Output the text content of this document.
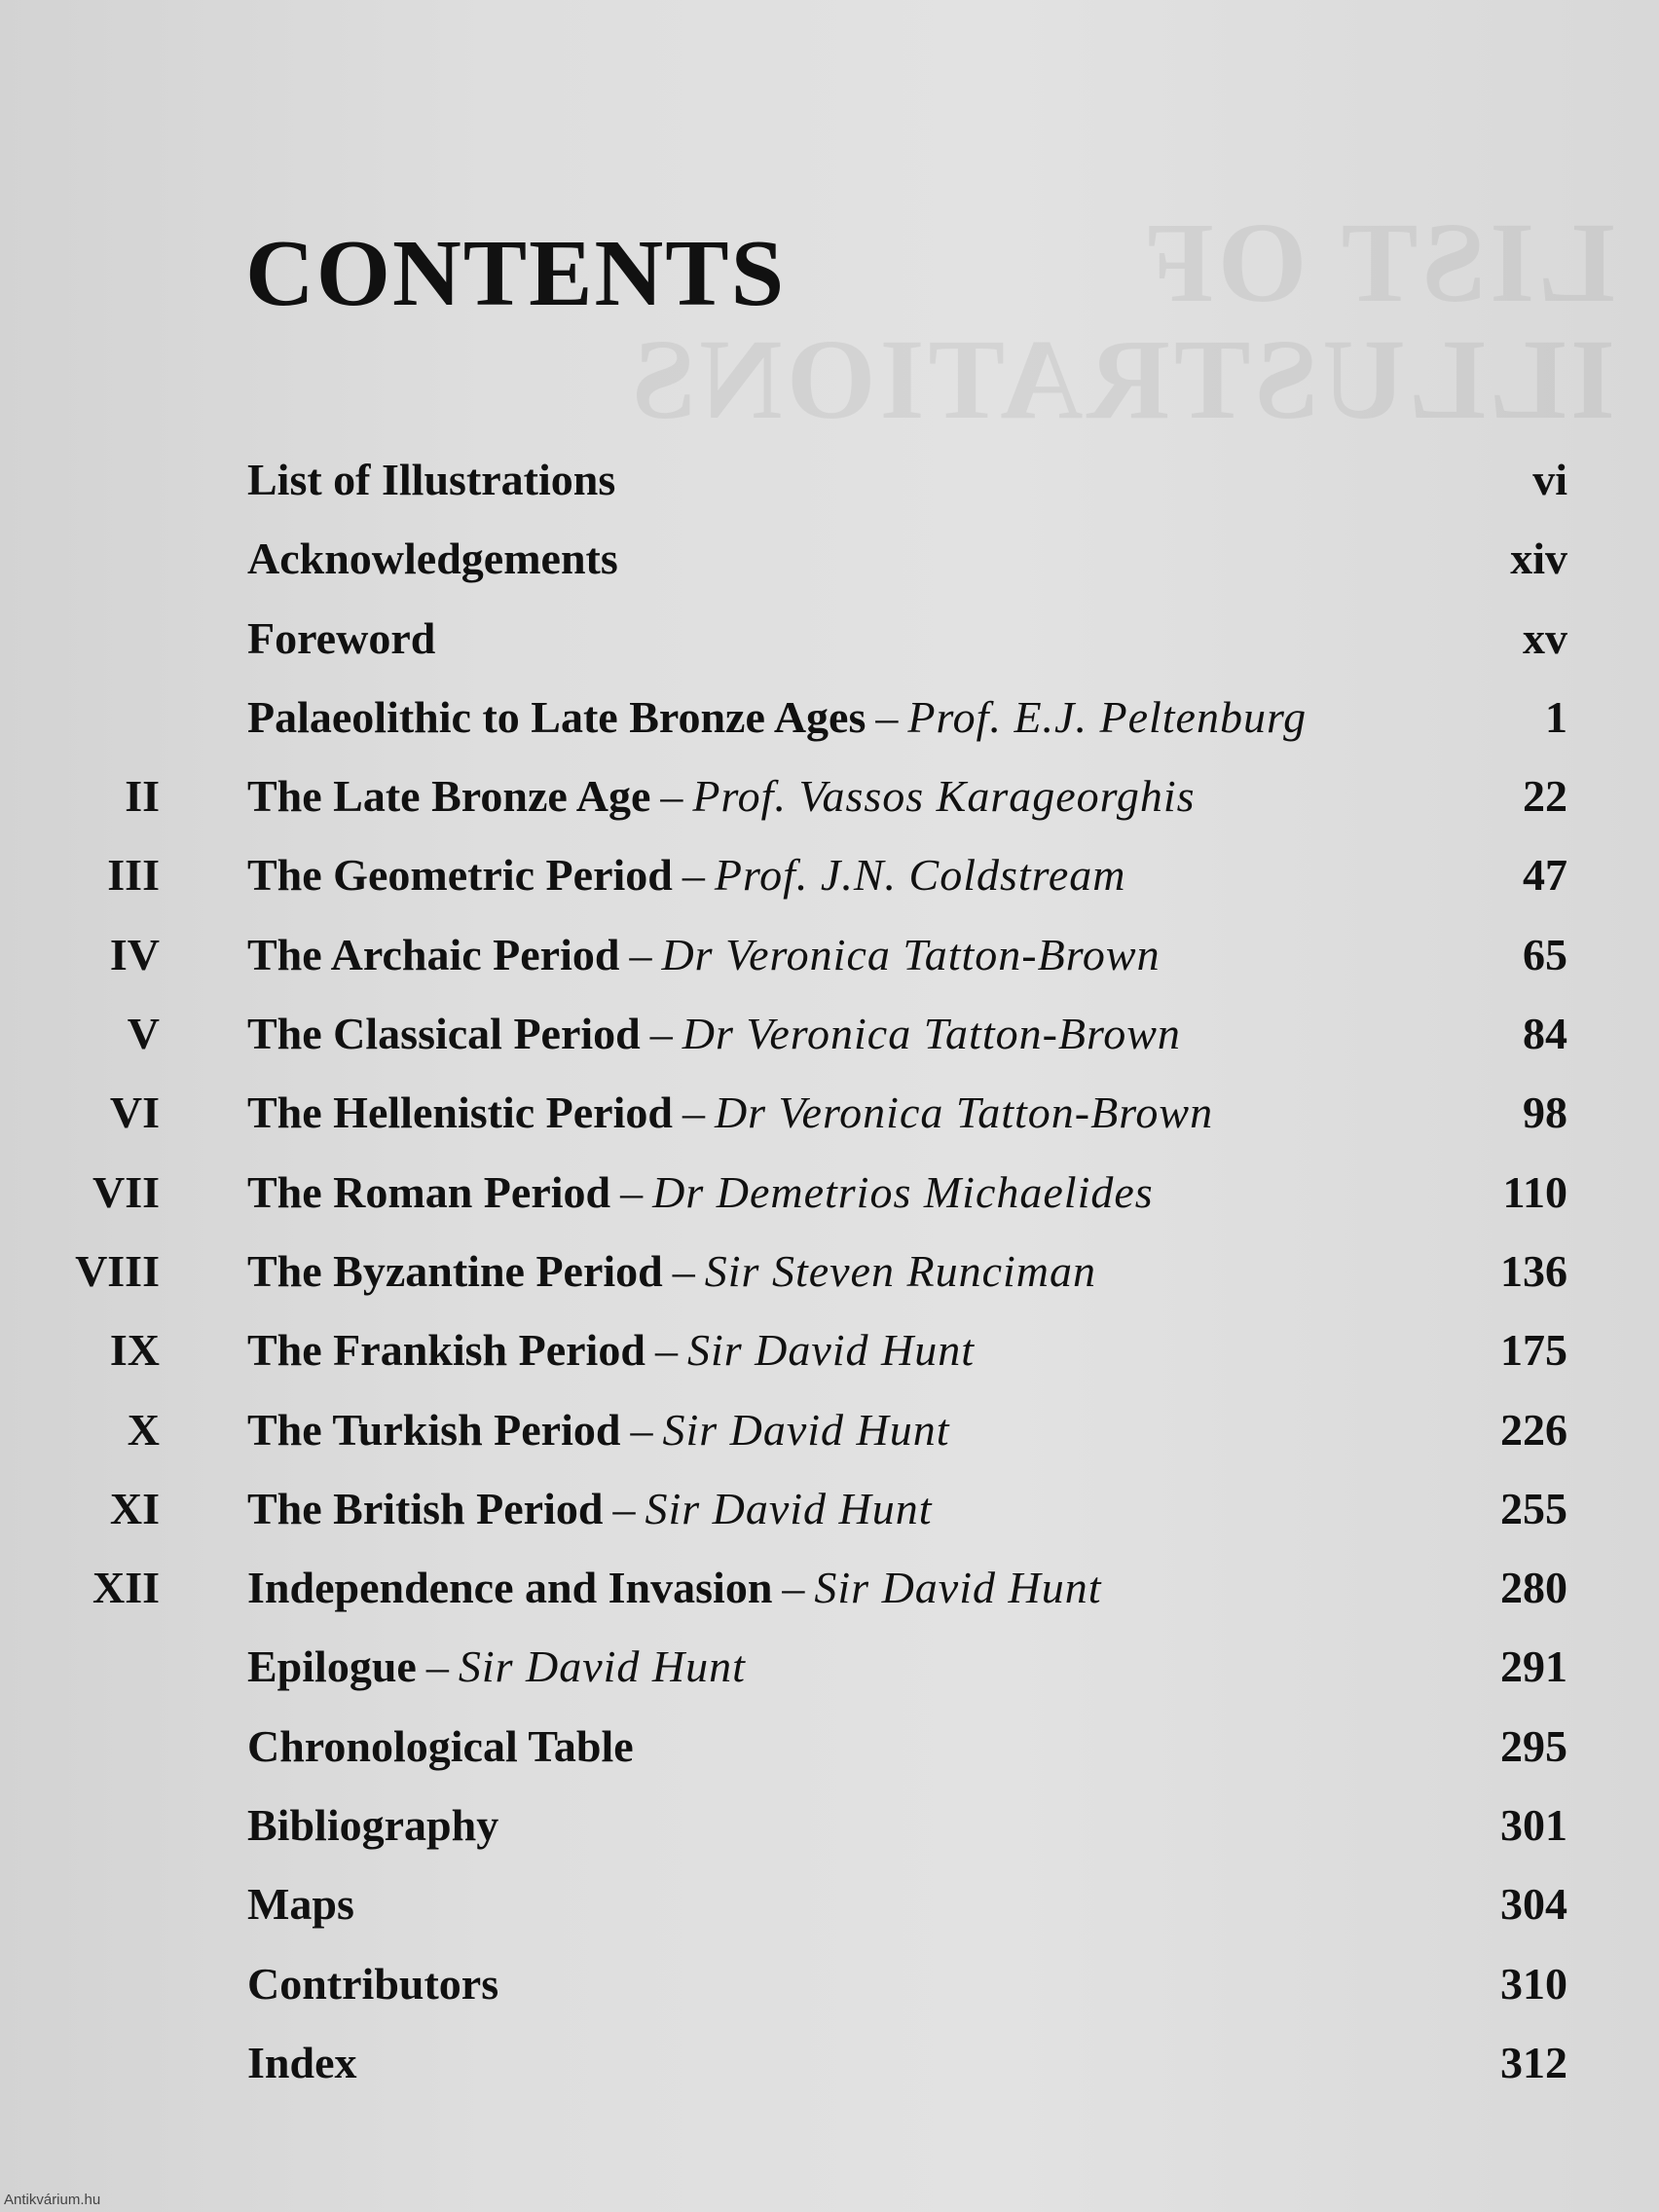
LIST OF
ILLUSTRATIONS
CONTENTS
List of Illustrations	vi
Acknowledgements	xiv
Foreword	xv
Palaeolithic to Late Bronze Ages – Prof. E.J. Peltenburg	1
II The Late Bronze Age – Prof. Vassos Karageorghis	22
III The Geometric Period – Prof. J.N. Coldstream	47
IV The Archaic Period – Dr Veronica Tatton-Brown	65
V The Classical Period – Dr Veronica Tatton-Brown	84
VI The Hellenistic Period – Dr Veronica Tatton-Brown	98
VII The Roman Period – Dr Demetrios Michaelides	110
VIII The Byzantine Period – Sir Steven Runciman	136
IX The Frankish Period – Sir David Hunt	175
X The Turkish Period – Sir David Hunt	226
XI The British Period – Sir David Hunt	255
XII Independence and Invasion – Sir David Hunt	280
Epilogue – Sir David Hunt	291
Chronological Table	295
Bibliography	301
Maps	304
Contributors	310
Index	312
Antikvárium.hu
